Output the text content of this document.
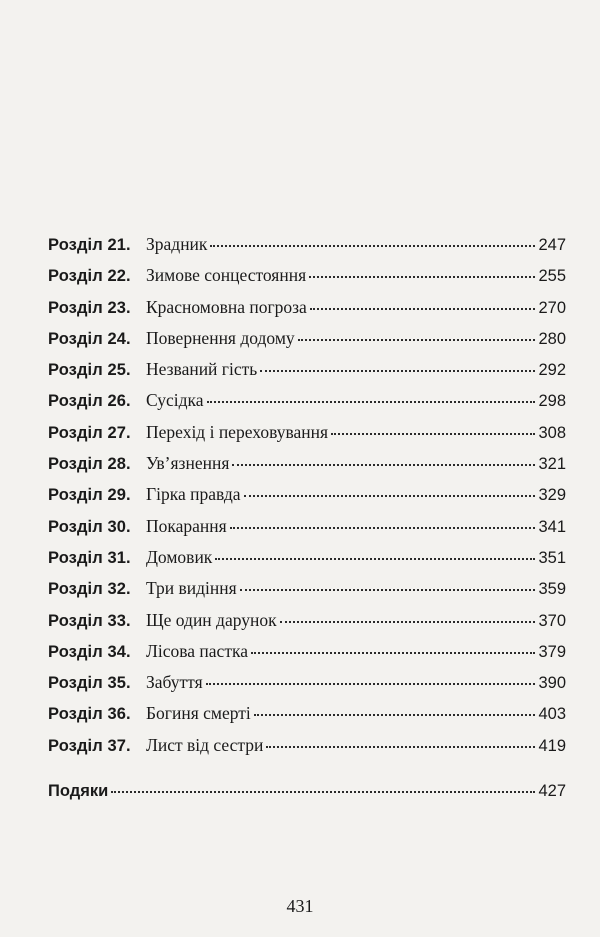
Розділ 21. Зрадник	247
Розділ 22. Зимове сонцестояння	255
Розділ 23. Красномовна погроза	270
Розділ 24. Повернення додому	280
Розділ 25. Незваний гість	292
Розділ 26. Сусідка	298
Розділ 27. Перехід і переховування	308
Розділ 28. Ув’язнення	321
Розділ 29. Гірка правда	329
Розділ 30. Покарання	341
Розділ 31. Домовик	351
Розділ 32. Три видіння	359
Розділ 33. Ще один дарунок	370
Розділ 34. Лісова пастка	379
Розділ 35. Забуття	390
Розділ 36. Богиня смерті	403
Розділ 37. Лист від сестри	419
Подяки	427
431
